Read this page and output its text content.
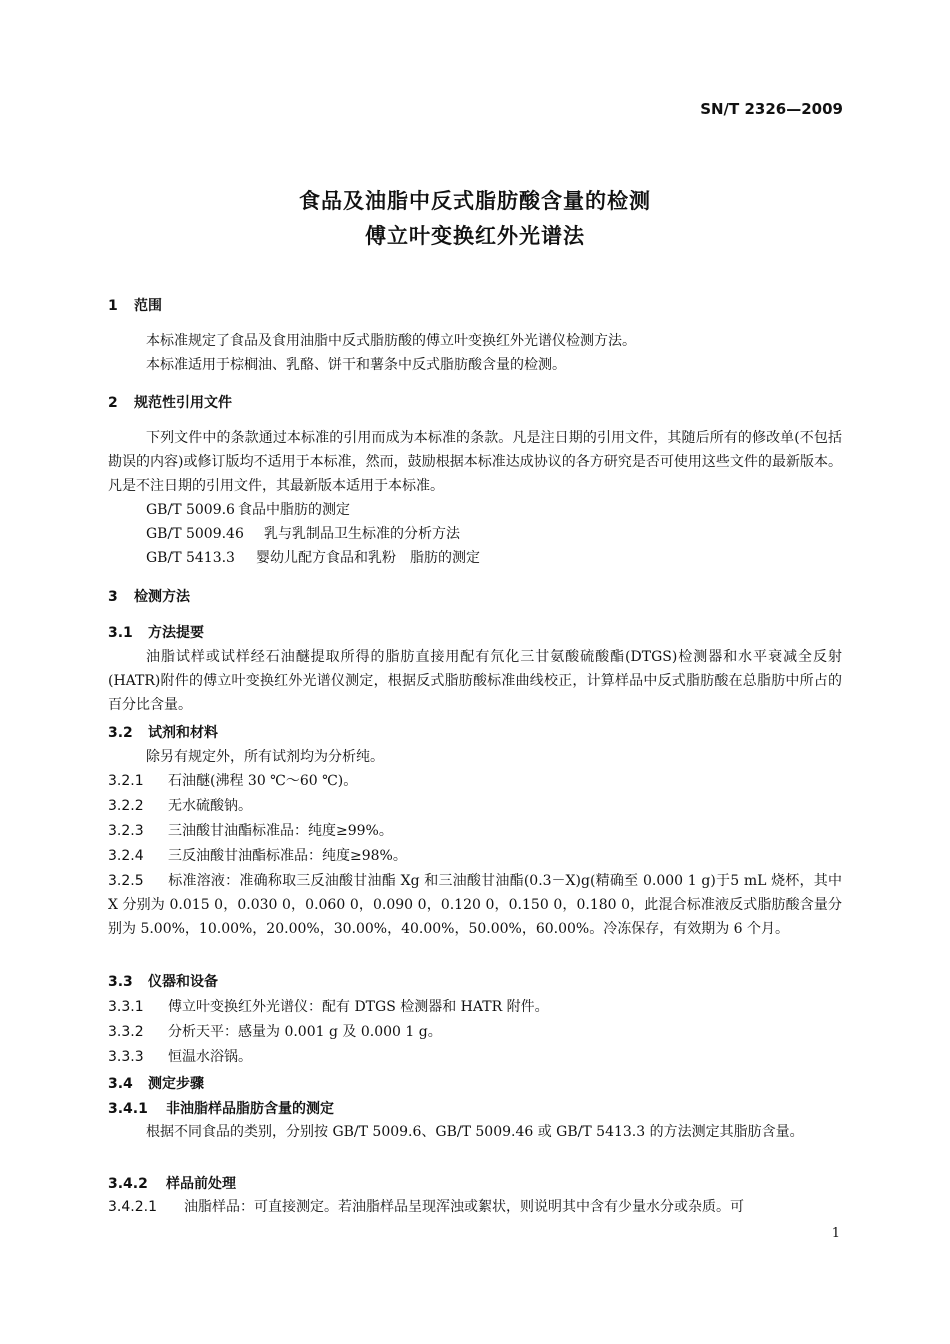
SN/T 2326—2009
食品及油脂中反式脂肪酸含量的检测
傅立叶变换红外光谱法
1 范围
本标准规定了食品及食用油脂中反式脂肪酸的傅立叶变换红外光谱仪检测方法。
本标准适用于棕榈油、乳酪、饼干和薯条中反式脂肪酸含量的检测。
2 规范性引用文件
下列文件中的条款通过本标准的引用而成为本标准的条款。凡是注日期的引用文件，其随后所有的修改单(不包括勘误的内容)或修订版均不适用于本标准，然而，鼓励根据本标准达成协议的各方研究是否可使用这些文件的最新版本。凡是不注日期的引用文件，其最新版本适用于本标准。
GB/T 5009.6 食品中脂肪的测定
GB/T 5009.46 乳与乳制品卫生标准的分析方法
GB/T 5413.3 婴幼儿配方食品和乳粉　脂肪的测定
3 检测方法
3.1 方法提要
油脂试样或试样经石油醚提取所得的脂肪直接用配有氘化三甘氨酸硫酸酯(DTGS)检测器和水平衰减全反射(HATR)附件的傅立叶变换红外光谱仪测定，根据反式脂肪酸标准曲线校正，计算样品中反式脂肪酸在总脂肪中所占的百分比含量。
3.2 试剂和材料
除另有规定外，所有试剂均为分析纯。
3.2.1 石油醚(沸程 30 ℃～60 ℃)。
3.2.2 无水硫酸钠。
3.2.3 三油酸甘油酯标准品：纯度≥99%。
3.2.4 三反油酸甘油酯标准品：纯度≥98%。
3.2.5 标准溶液：准确称取三反油酸甘油酯 Xg 和三油酸甘油酯(0.3－X)g(精确至 0.000 1 g)于5 mL 烧杯，其中 X 分别为 0.015 0，0.030 0，0.060 0，0.090 0，0.120 0，0.150 0，0.180 0，此混合标准液反式脂肪酸含量分别为 5.00%，10.00%，20.00%，30.00%，40.00%，50.00%，60.00%。冷冻保存，有效期为 6 个月。
3.3 仪器和设备
3.3.1 傅立叶变换红外光谱仪：配有 DTGS 检测器和 HATR 附件。
3.3.2 分析天平：感量为 0.001 g 及 0.000 1 g。
3.3.3 恒温水浴锅。
3.4 测定步骤
3.4.1 非油脂样品脂肪含量的测定
根据不同食品的类别，分别按 GB/T 5009.6、GB/T 5009.46 或 GB/T 5413.3 的方法测定其脂肪含量。
3.4.2 样品前处理
3.4.2.1 油脂样品：可直接测定。若油脂样品呈现浑浊或絮状，则说明其中含有少量水分或杂质。可
1
